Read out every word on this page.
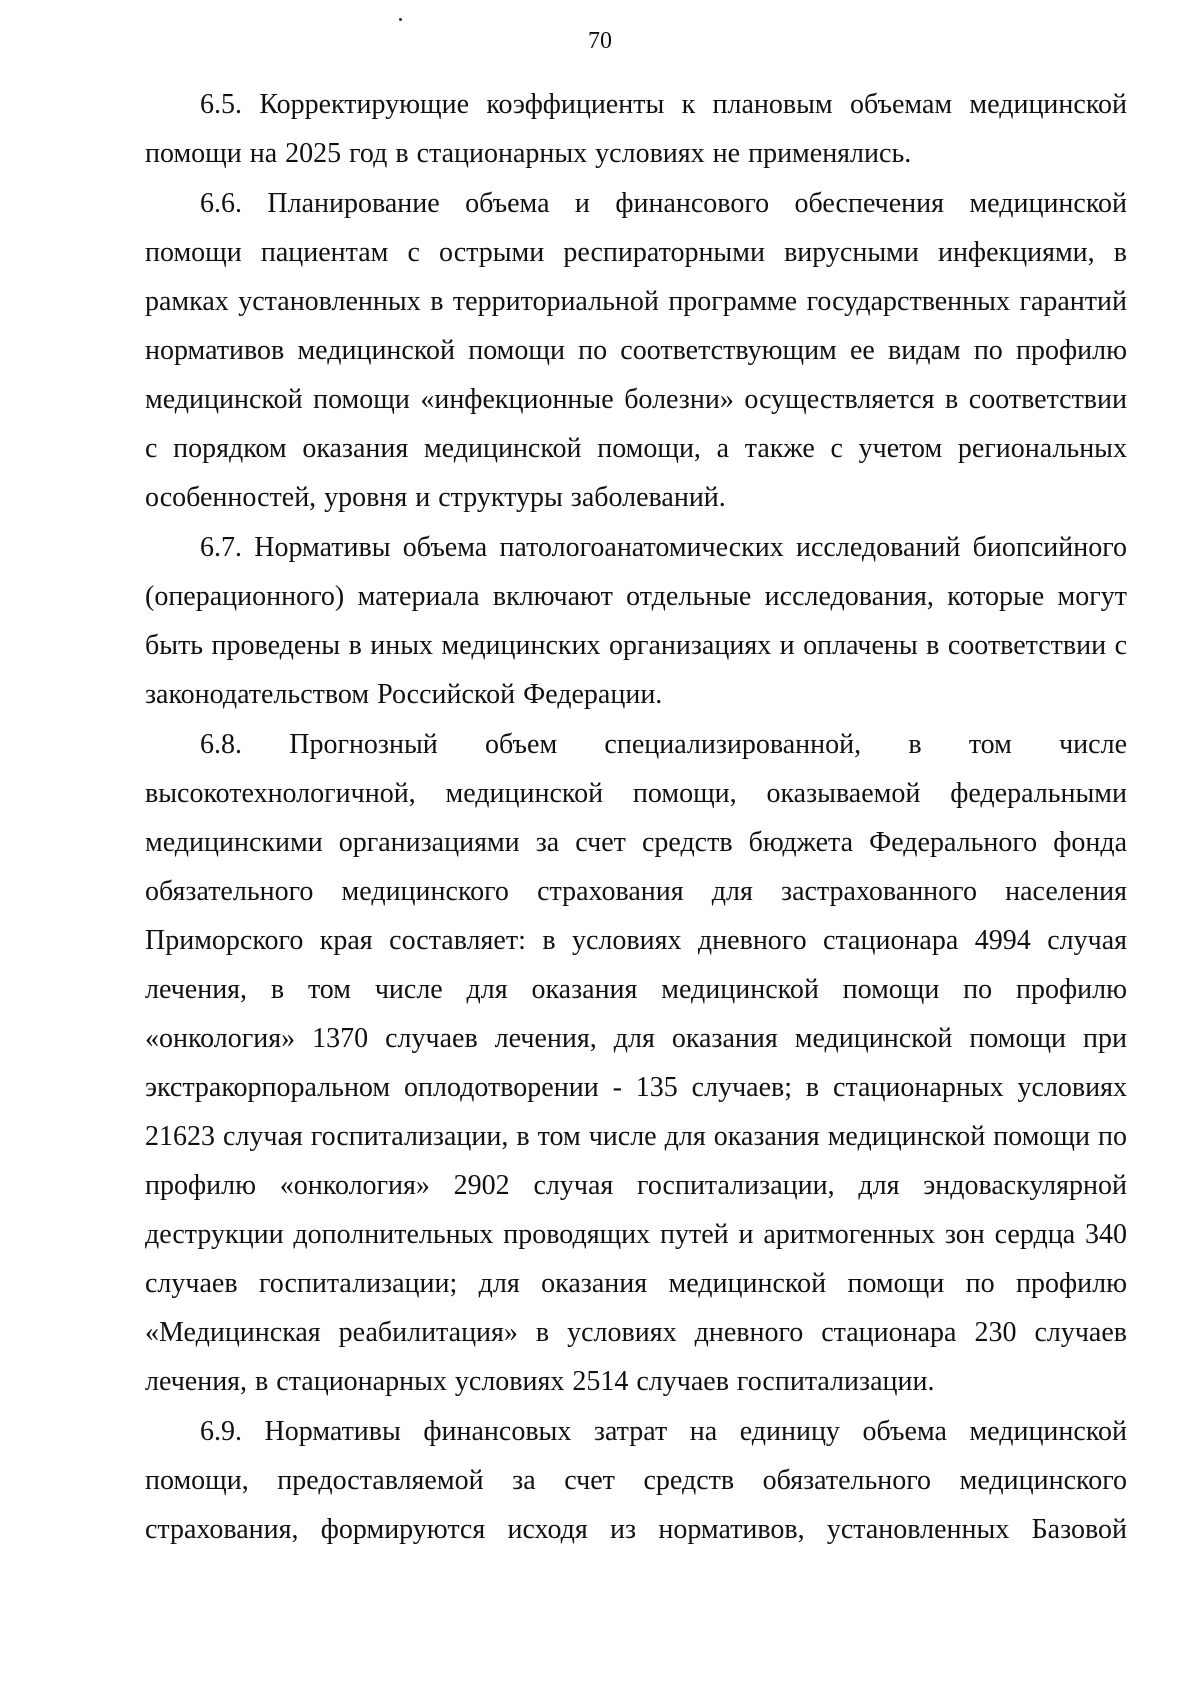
70

6.5. Корректирующие коэффициенты к плановым объемам медицинской помощи на 2025 год в стационарных условиях не применялись.

6.6. Планирование объема и финансового обеспечения медицинской помощи пациентам с острыми респираторными вирусными инфекциями, в рамках установленных в территориальной программе государственных гарантий нормативов медицинской помощи по соответствующим ее видам по профилю медицинской помощи «инфекционные болезни» осуществляется в соответствии с порядком оказания медицинской помощи, а также с учетом региональных особенностей, уровня и структуры заболеваний.

6.7. Нормативы объема патологоанатомических исследований биопсийного (операционного) материала включают отдельные исследования, которые могут быть проведены в иных медицинских организациях и оплачены в соответствии с законодательством Российской Федерации.

6.8. Прогнозный объем специализированной, в том числе высокотехнологичной, медицинской помощи, оказываемой федеральными медицинскими организациями за счет средств бюджета Федерального фонда обязательного медицинского страхования для застрахованного населения Приморского края составляет: в условиях дневного стационара 4994 случая лечения, в том числе для оказания медицинской помощи по профилю «онкология» 1370 случаев лечения, для оказания медицинской помощи при экстракорпоральном оплодотворении - 135 случаев; в стационарных условиях 21623 случая госпитализации, в том числе для оказания медицинской помощи по профилю «онкология» 2902 случая госпитализации, для эндоваскулярной деструкции дополнительных проводящих путей и аритмогенных зон сердца 340 случаев госпитализации; для оказания медицинской помощи по профилю «Медицинская реабилитация» в условиях дневного стационара 230 случаев лечения, в стационарных условиях 2514 случаев госпитализации.

6.9. Нормативы финансовых затрат на единицу объема медицинской помощи, предоставляемой за счет средств обязательного медицинского страхования, формируются исходя из нормативов, установленных Базовой
